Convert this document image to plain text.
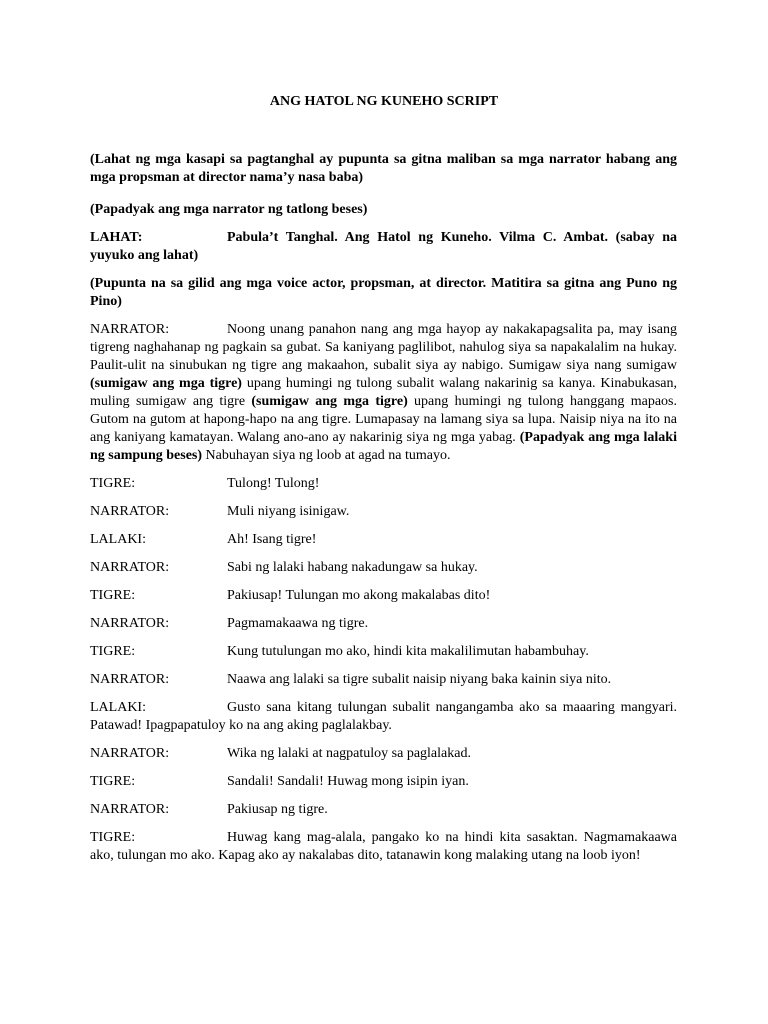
ANG HATOL NG KUNEHO SCRIPT

(Lahat ng mga kasapi sa pagtanghal ay pupunta sa gitna maliban sa mga narrator habang ang mga propsman at director nama’y nasa baba)

(Papadyak ang mga narrator ng tatlong beses)

LAHAT:	Pabula’t Tanghal. Ang Hatol ng Kuneho. Vilma C. Ambat. (sabay na yuyuko ang lahat)

(Pupunta na sa gilid ang mga voice actor, propsman, at director. Matitira sa gitna ang Puno ng Pino)

NARRATOR:	Noong unang panahon nang ang mga hayop ay nakakapagsalita pa, may isang tigreng naghahanap ng pagkain sa gubat. Sa kaniyang paglilibot, nahulog siya sa napakalalim na hukay. Paulit-ulit na sinubukan ng tigre ang makaahon, subalit siya ay nabigo. Sumigaw siya nang sumigaw (sumigaw ang mga tigre) upang humingi ng tulong subalit walang nakarinig sa kanya. Kinabukasan, muling sumigaw ang tigre (sumigaw ang mga tigre) upang humingi ng tulong hanggang mapaos. Gutom na gutom at hapong-hapo na ang tigre. Lumapasay na lamang siya sa lupa. Naisip niya na ito na ang kaniyang kamatayan. Walang ano-ano ay nakarinig siya ng mga yabag. (Papadyak ang mga lalaki ng sampung beses) Nabuhayan siya ng loob at agad na tumayo.

TIGRE:	Tulong! Tulong!

NARRATOR:	Muli niyang isinigaw.

LALAKI:	Ah! Isang tigre!

NARRATOR:	Sabi ng lalaki habang nakadungaw sa hukay.

TIGRE:	Pakiusap! Tulungan mo akong makalabas dito!

NARRATOR:	Pagmamakaawa ng tigre.

TIGRE:	Kung tutulungan mo ako, hindi kita makalilimutan habambuhay.

NARRATOR:	Naawa ang lalaki sa tigre subalit naisip niyang baka kainin siya nito.

LALAKI:	Gusto sana kitang tulungan subalit nangangamba ako sa maaaring mangyari. Patawad! Ipagpapatuloy ko na ang aking paglalakbay.

NARRATOR:	Wika ng lalaki at nagpatuloy sa paglalakad.

TIGRE:	Sandali! Sandali! Huwag mong isipin iyan.

NARRATOR:	Pakiusap ng tigre.

TIGRE:	Huwag kang mag-alala, pangako ko na hindi kita sasaktan. Nagmamakaawa ako, tulungan mo ako. Kapag ako ay nakalabas dito, tatanawin kong malaking utang na loob iyon!
